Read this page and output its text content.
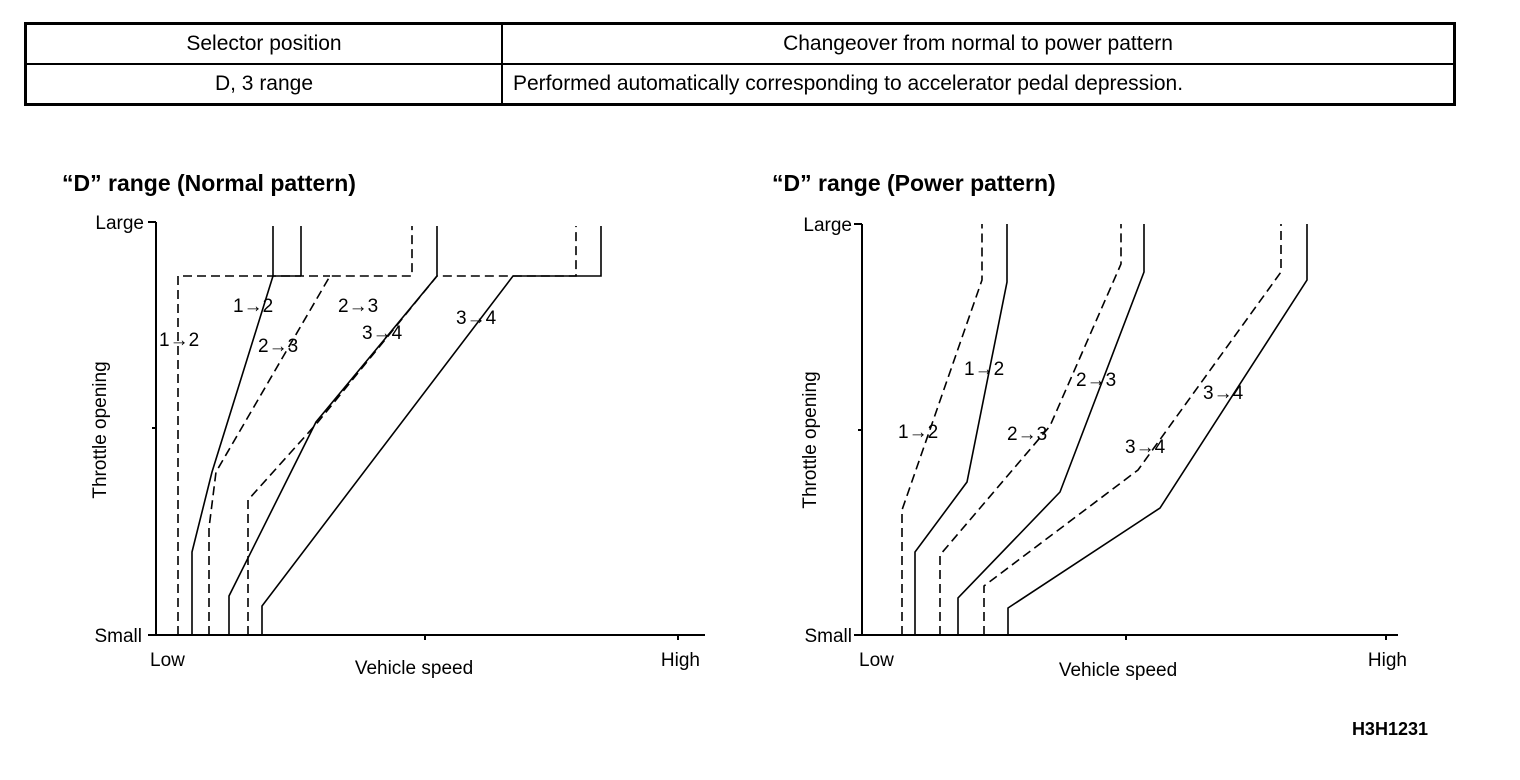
Selector position	Changeover from normal to power pattern
D, 3 range	Performed automatically corresponding to accelerator pedal depression.
“D” range (Normal pattern)
Large
Small
Throttle opening
Low	Vehicle speed	High
1→2
1→2
2→3
2→3
3→4
3→4
“D” range (Power pattern)
Large
Small
Throttle opening
Low	Vehicle speed	High
1→2
1→2
2→3
2→3
3→4
3→4
H3H1231
